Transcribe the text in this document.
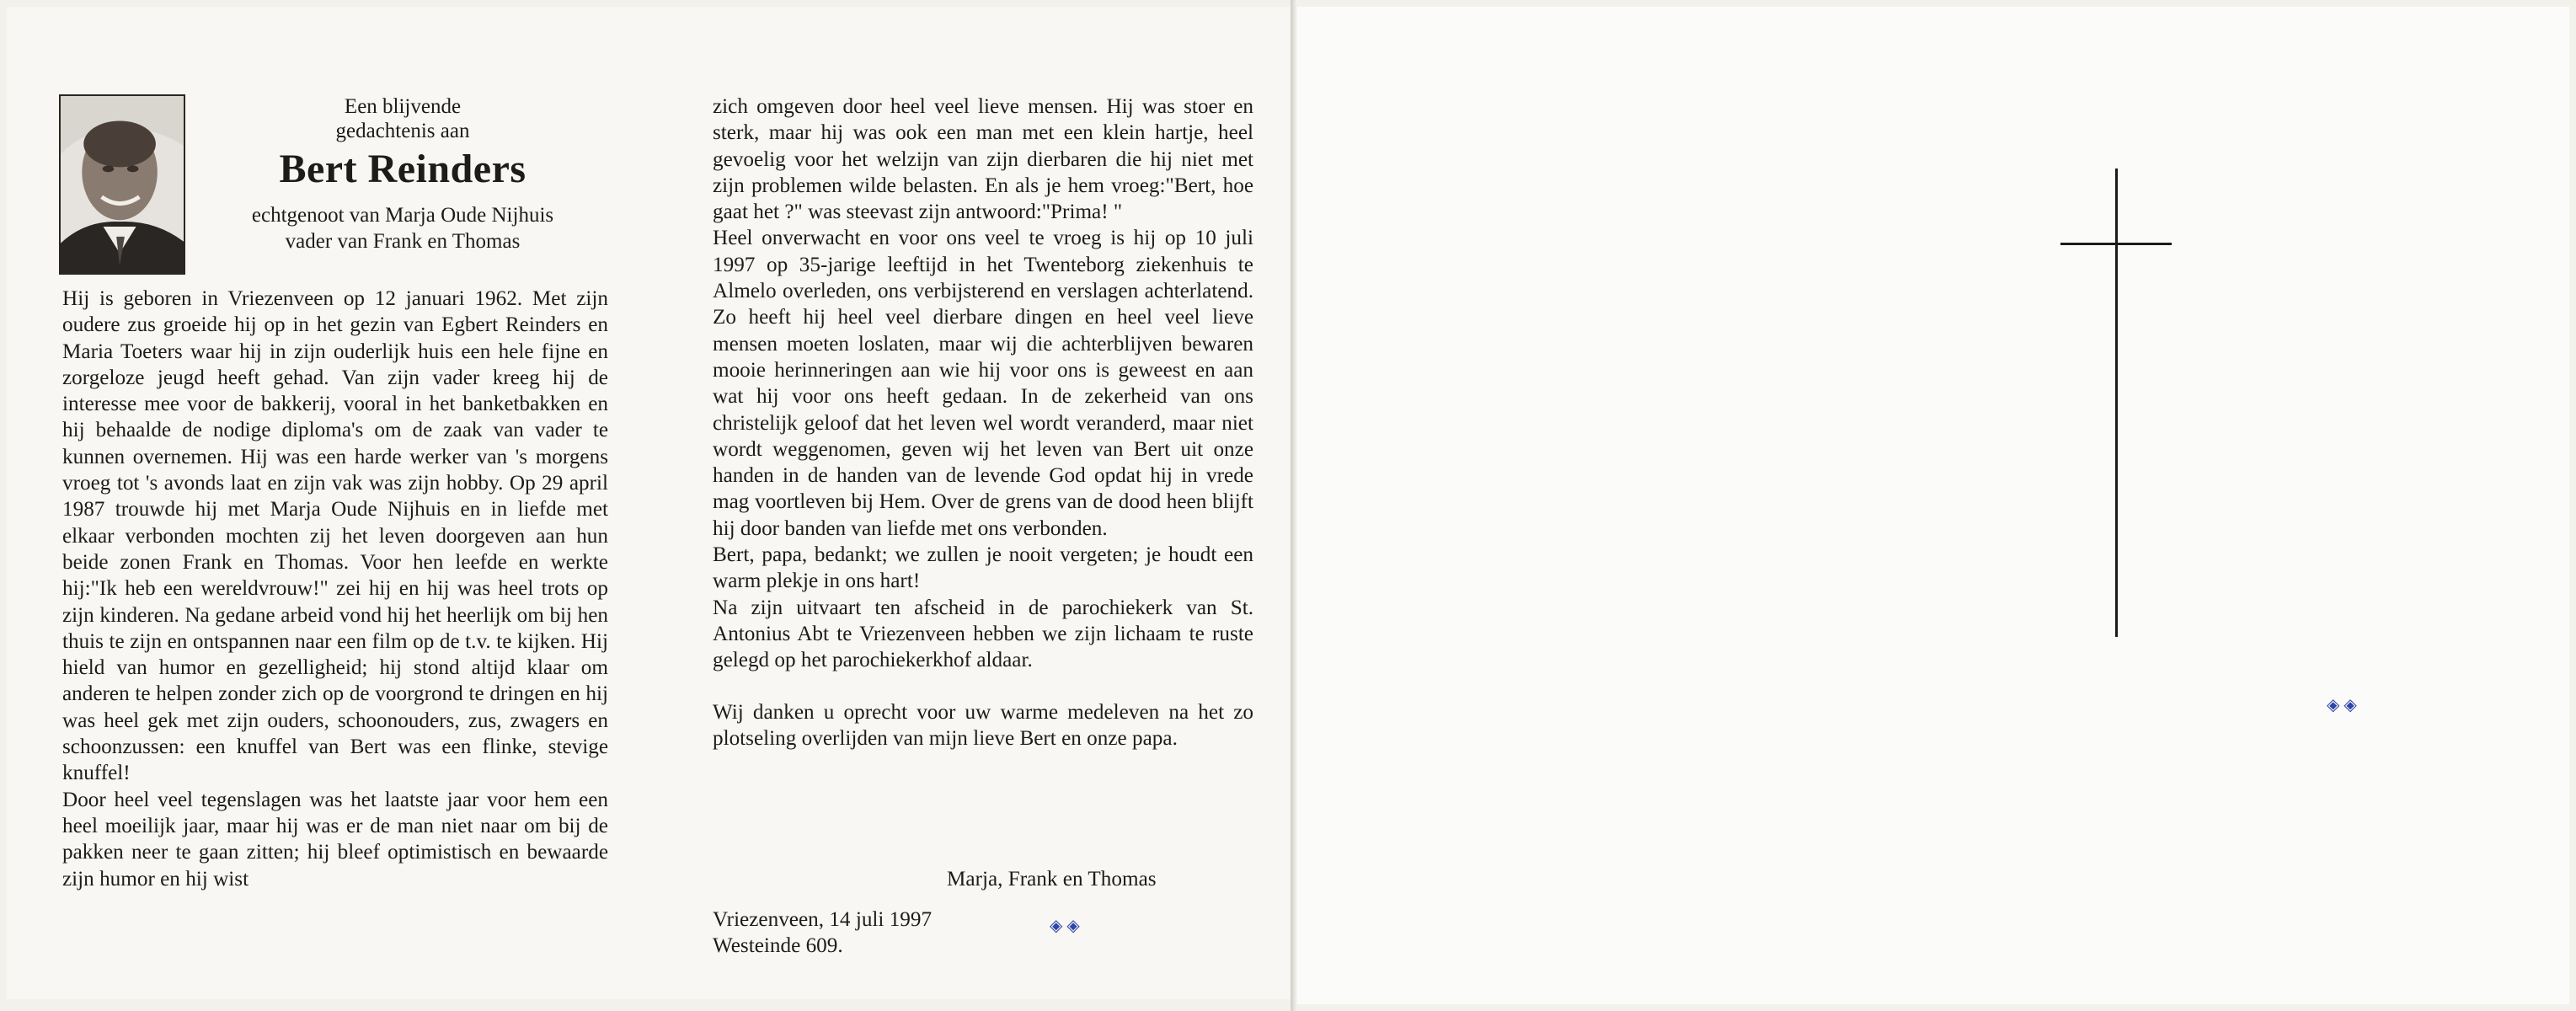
Een blijvende
gedachtenis aan
Bert Reinders
echtgenoot van Marja Oude Nijhuis
vader van Frank en Thomas

Hij is geboren in Vriezenveen op 12 januari 1962. Met zijn oudere zus groeide hij op in het gezin van Egbert Reinders en Maria Toeters waar hij in zijn ouderlijk huis een hele fijne en zorgeloze jeugd heeft gehad. Van zijn vader kreeg hij de interesse mee voor de bakkerij, vooral in het banketbakken en hij behaalde de nodige diploma's om de zaak van vader te kunnen overnemen. Hij was een harde werker van 's morgens vroeg tot 's avonds laat en zijn vak was zijn hobby. Op 29 april 1987 trouwde hij met Marja Oude Nijhuis en in liefde met elkaar verbonden mochten zij het leven doorgeven aan hun beide zonen Frank en Thomas. Voor hen leefde en werkte hij:"Ik heb een wereldvrouw!" zei hij en hij was heel trots op zijn kinderen. Na gedane arbeid vond hij het heerlijk om bij hen thuis te zijn en ontspannen naar een film op de t.v. te kijken. Hij hield van humor en gezelligheid; hij stond altijd klaar om anderen te helpen zonder zich op de voorgrond te dringen en hij was heel gek met zijn ouders, schoonouders, zus, zwagers en schoonzussen: een knuffel van Bert was een flinke, stevige knuffel!

Door heel veel tegenslagen was het laatste jaar voor hem een heel moeilijk jaar, maar hij was er de man niet naar om bij de pakken neer te gaan zitten; hij bleef optimistisch en bewaarde zijn humor en hij wist

zich omgeven door heel veel lieve mensen. Hij was stoer en sterk, maar hij was ook een man met een klein hartje, heel gevoelig voor het welzijn van zijn dierbaren die hij niet met zijn problemen wilde belasten. En als je hem vroeg:"Bert, hoe gaat het ?" was steevast zijn antwoord:"Prima! "

Heel onverwacht en voor ons veel te vroeg is hij op 10 juli 1997 op 35-jarige leeftijd in het Twenteborg ziekenhuis te Almelo overleden, ons verbijsterend en verslagen achterlatend. Zo heeft hij heel veel dierbare dingen en heel veel lieve mensen moeten loslaten, maar wij die achterblijven bewaren mooie herinneringen aan wie hij voor ons is geweest en aan wat hij voor ons heeft gedaan. In de zekerheid van ons christelijk geloof dat het leven wel wordt veranderd, maar niet wordt weggenomen, geven wij het leven van Bert uit onze handen in de handen van de levende God opdat hij in vrede mag voortleven bij Hem. Over de grens van de dood heen blijft hij door banden van liefde met ons verbonden.

Bert, papa, bedankt; we zullen je nooit vergeten; je houdt een warm plekje in ons hart!

Na zijn uitvaart ten afscheid in de parochiekerk van St. Antonius Abt te Vriezenveen hebben we zijn lichaam te ruste gelegd op het parochiekerkhof aldaar.

Wij danken u oprecht voor uw warme medeleven na het zo plotseling overlijden van mijn lieve Bert en onze papa.

Marja, Frank en Thomas
Vriezenveen, 14 juli 1997
Westeinde 609.
◈ ◈
◈ ◈
